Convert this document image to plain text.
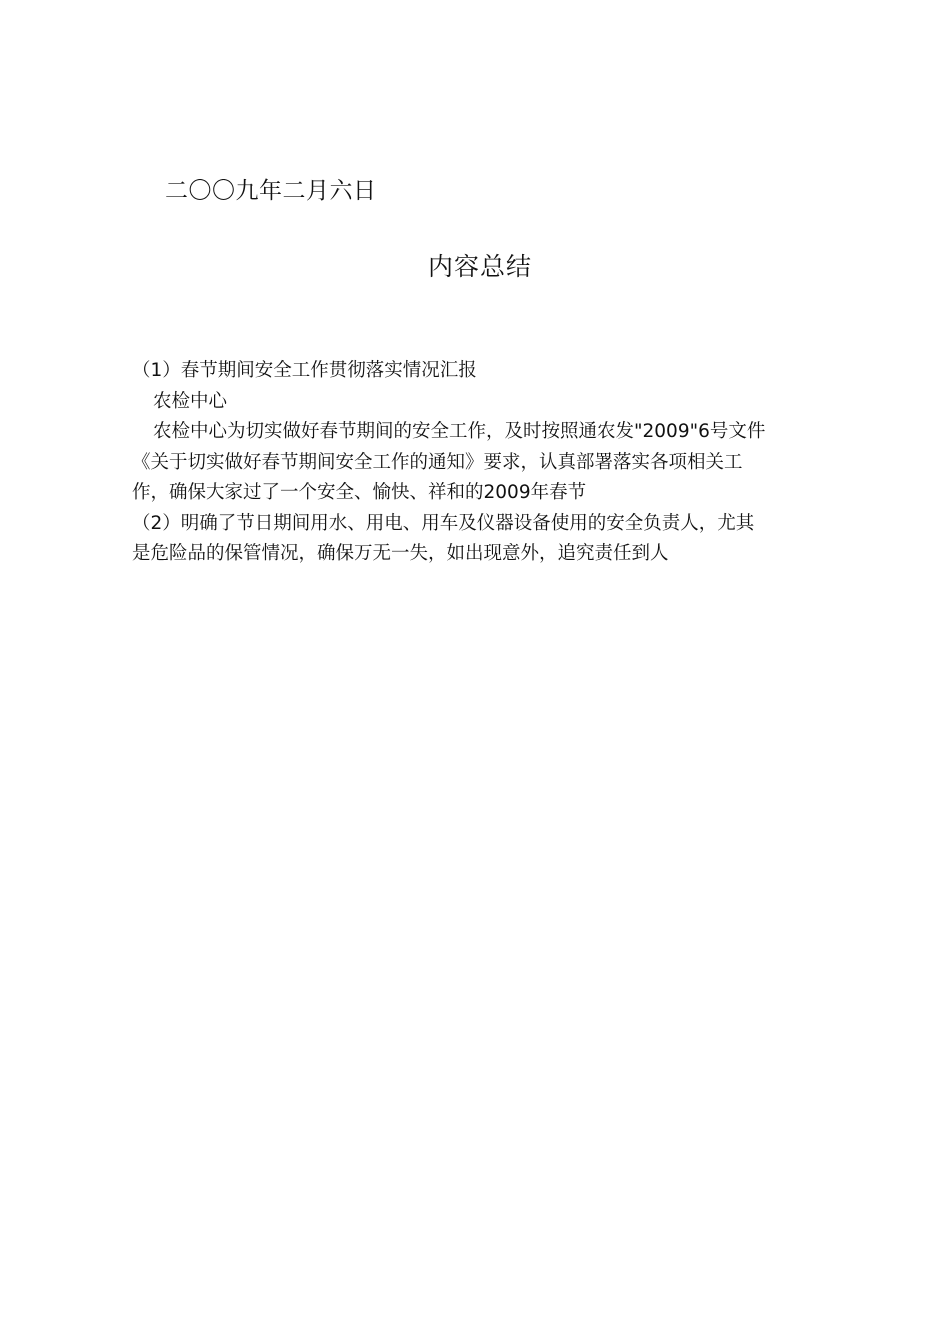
二〇〇九年二月六日
内容总结

（1）春节期间安全工作贯彻落实情况汇报

农检中心

农检中心为切实做好春节期间的安全工作，及时按照通农发"2009"6号文件

《关于切实做好春节期间安全工作的通知》要求，认真部署落实各项相关工

作，确保大家过了一个安全、愉快、祥和的2009年春节

（2）明确了节日期间用水、用电、用车及仪器设备使用的安全负责人，尤其

是危险品的保管情况，确保万无一失，如出现意外，追究责任到人
